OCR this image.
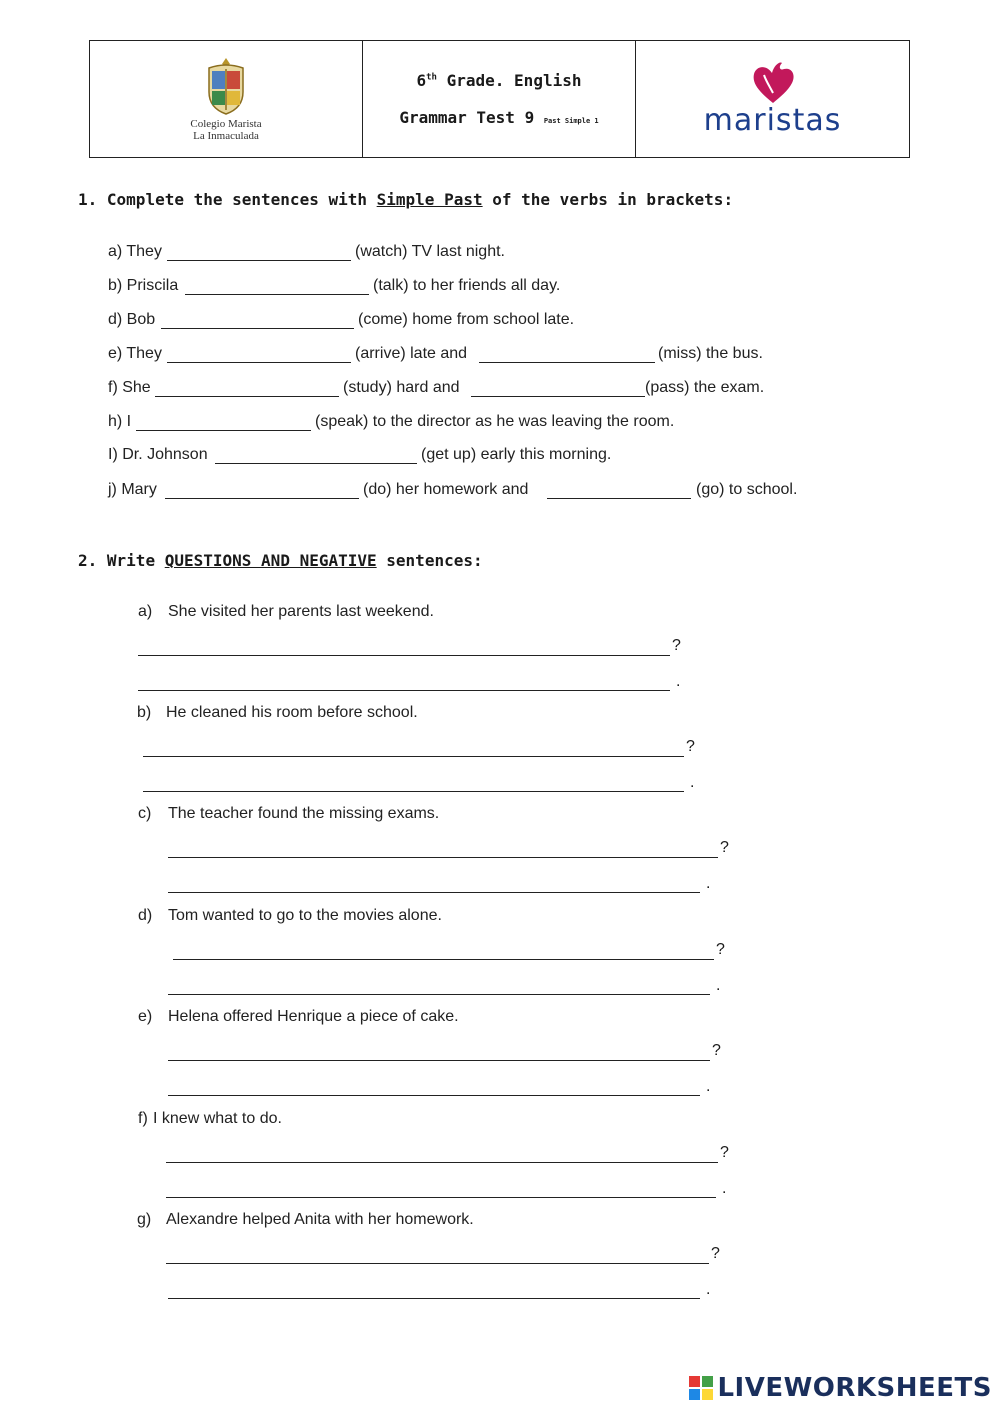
Colegio Marista
La Inmaculada
6th Grade. English
Grammar Test 9 Past Simple 1	maristas
1. Complete the sentences with Simple Past of the verbs in brackets:
a) They	(watch) TV last night.
b) Priscila	(talk) to her friends all day.
d) Bob	(come) home from school late.
e) They	(arrive) late and	(miss) the bus.
f) She	(study) hard and	(pass) the exam.
h) I	(speak) to the director as he was leaving the room.
I) Dr. Johnson	(get up) early this morning.
j) Mary	(do) her homework and	(go) to school.
2. Write QUESTIONS AND NEGATIVE sentences:
a) She visited her parents last weekend.
?
.
b) He cleaned his room before school.
?
.
c) The teacher found the missing exams.
?
.
d) Tom wanted to go to the movies alone.
?
.
e) Helena offered Henrique a piece of cake.
?
.
f) I knew what to do.
?
.
g) Alexandre helped Anita with her homework.
?
.
LIVEWORKSHEETS
